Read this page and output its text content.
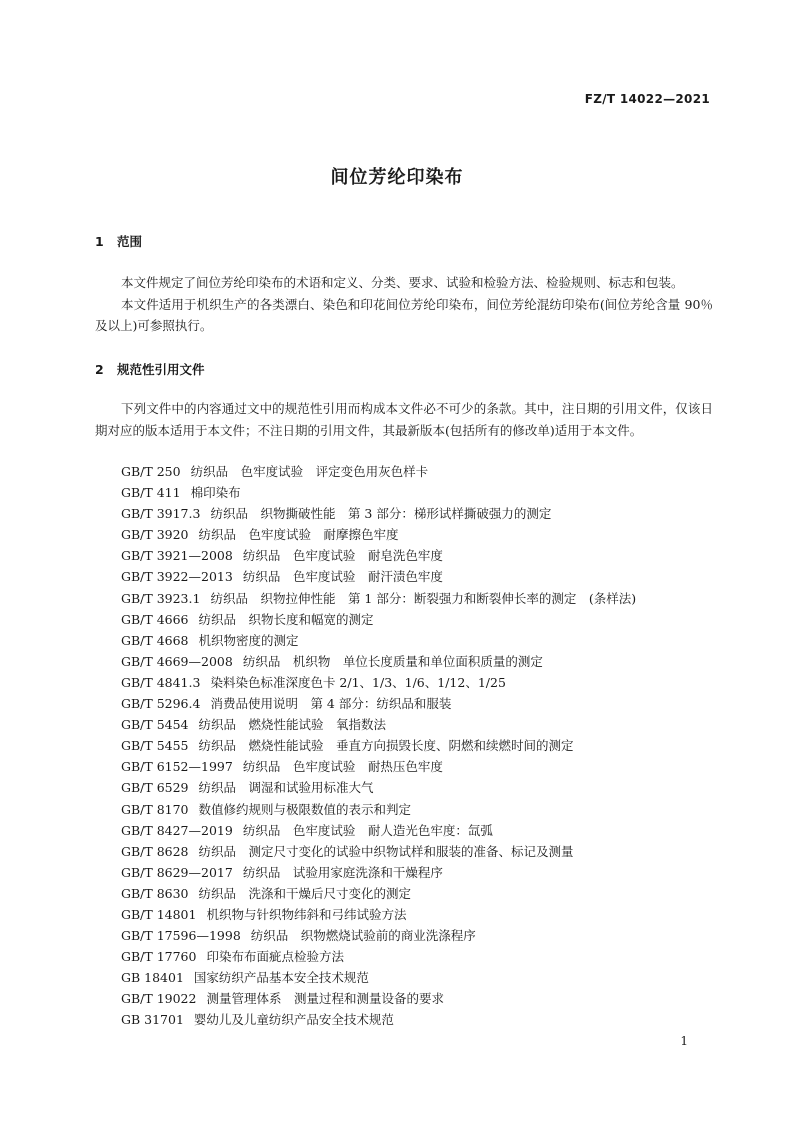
FZ/T 14022—2021
间位芳纶印染布
1 范围

本文件规定了间位芳纶印染布的术语和定义、分类、要求、试验和检验方法、检验规则、标志和包装。

本文件适用于机织生产的各类漂白、染色和印花间位芳纶印染布，间位芳纶混纺印染布(间位芳纶含量 90％及以上)可参照执行。

2 规范性引用文件

下列文件中的内容通过文中的规范性引用而构成本文件必不可少的条款。其中，注日期的引用文件，仅该日期对应的版本适用于本文件；不注日期的引用文件，其最新版本(包括所有的修改单)适用于本文件。

GB/T 250 纺织品　色牢度试验　评定变色用灰色样卡
GB/T 411 棉印染布
GB/T 3917.3 纺织品　织物撕破性能　第 3 部分：梯形试样撕破强力的测定
GB/T 3920 纺织品　色牢度试验　耐摩擦色牢度
GB/T 3921—2008 纺织品　色牢度试验　耐皂洗色牢度
GB/T 3922—2013 纺织品　色牢度试验　耐汗渍色牢度
GB/T 3923.1 纺织品　织物拉伸性能　第 1 部分：断裂强力和断裂伸长率的测定　(条样法)
GB/T 4666 纺织品　织物长度和幅宽的测定
GB/T 4668 机织物密度的测定
GB/T 4669—2008 纺织品　机织物　单位长度质量和单位面积质量的测定
GB/T 4841.3 染料染色标准深度色卡 2/1、1/3、1/6、1/12、1/25
GB/T 5296.4 消费品使用说明　第 4 部分：纺织品和服装
GB/T 5454 纺织品　燃烧性能试验　氧指数法
GB/T 5455 纺织品　燃烧性能试验　垂直方向损毁长度、阴燃和续燃时间的测定
GB/T 6152—1997 纺织品　色牢度试验　耐热压色牢度
GB/T 6529 纺织品　调湿和试验用标准大气
GB/T 8170 数值修约规则与极限数值的表示和判定
GB/T 8427—2019 纺织品　色牢度试验　耐人造光色牢度：氙弧
GB/T 8628 纺织品　测定尺寸变化的试验中织物试样和服装的准备、标记及测量
GB/T 8629—2017 纺织品　试验用家庭洗涤和干燥程序
GB/T 8630 纺织品　洗涤和干燥后尺寸变化的测定
GB/T 14801 机织物与针织物纬斜和弓纬试验方法
GB/T 17596—1998 纺织品　织物燃烧试验前的商业洗涤程序
GB/T 17760 印染布布面疵点检验方法
GB 18401 国家纺织产品基本安全技术规范
GB/T 19022 测量管理体系　测量过程和测量设备的要求
GB 31701 婴幼儿及儿童纺织产品安全技术规范
1
